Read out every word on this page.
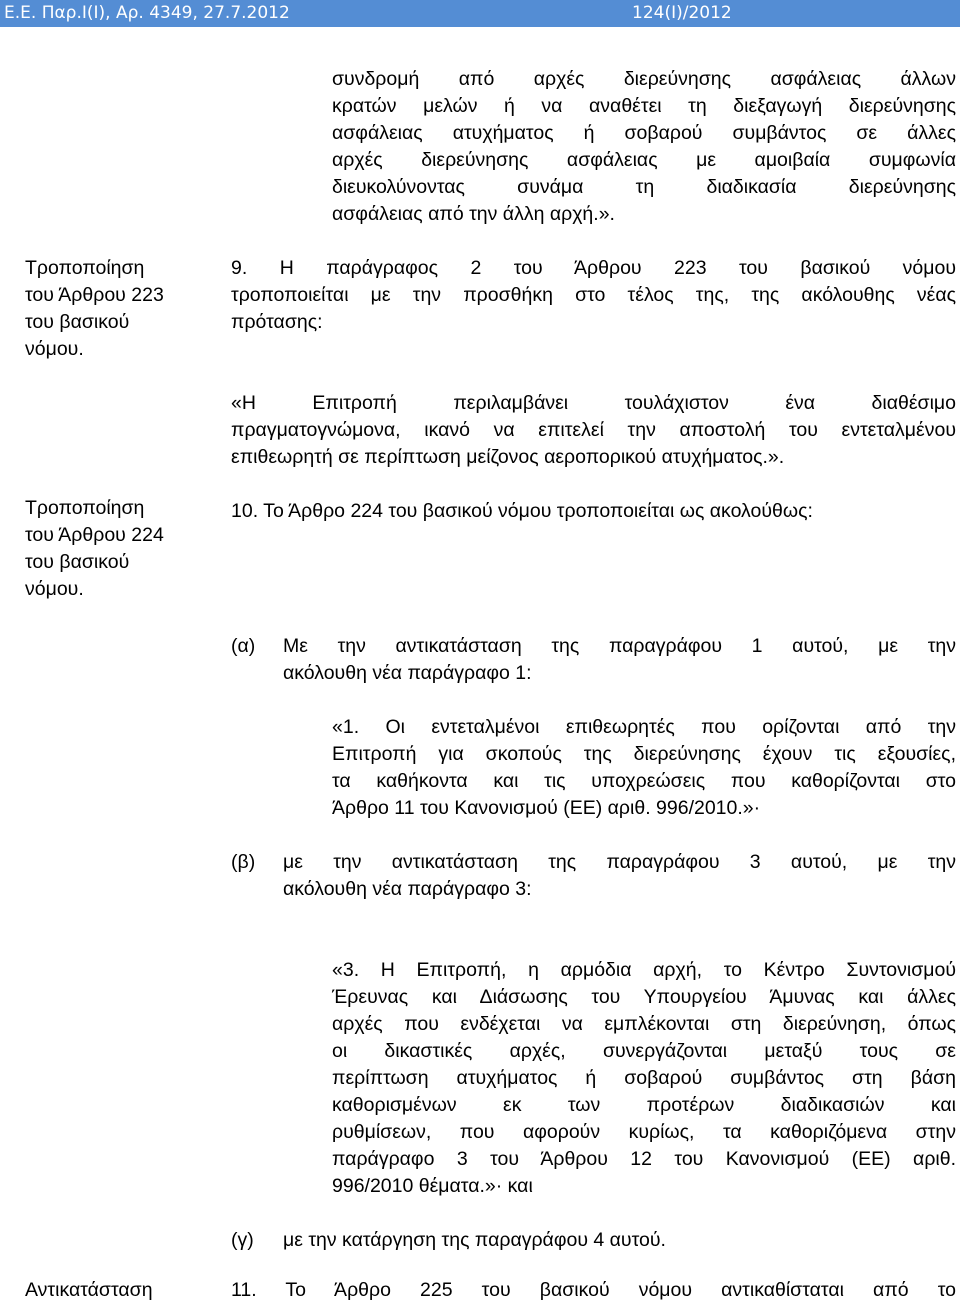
Ε.Ε. Παρ.Ι(Ι), Αρ. 4349, 27.7.2012	124(Ι)/2012
Τροποποίηση
του Άρθρου 223
του βασικού
νόμου.
Τροποποίηση
του Άρθρου 224
του βασικού
νόμου.
Αντικατάσταση
συνδρομή από αρχές διερεύνησης ασφάλειας άλλων
κρατών μελών ή να αναθέτει τη διεξαγωγή διερεύνησης
ασφάλειας ατυχήματος ή σοβαρού συμβάντος σε άλλες
αρχές διερεύνησης ασφάλειας με αμοιβαία συμφωνία
διευκολύνοντας συνάμα τη διαδικασία διερεύνησης
ασφάλειας από την άλλη αρχή.».
9. Η παράγραφος 2 του Άρθρου 223 του βασικού νόμου
τροποποιείται με την προσθήκη στο τέλος της, της ακόλουθης νέας
πρότασης:
«Η Επιτροπή περιλαμβάνει τουλάχιστον ένα διαθέσιμο
πραγματογνώμονα, ικανό να επιτελεί την αποστολή του εντεταλμένου
επιθεωρητή σε περίπτωση μείζονος αεροπορικού ατυχήματος.».
10. Το Άρθρο 224 του βασικού νόμου τροποποιείται ως ακολούθως:
(α) Με την αντικατάσταση της παραγράφου 1 αυτού, με την
ακόλουθη νέα παράγραφο 1:
«1. Οι εντεταλμένοι επιθεωρητές που ορίζονται από την
Επιτροπή για σκοπούς της διερεύνησης έχουν τις εξουσίες,
τα καθήκοντα και τις υποχρεώσεις που καθορίζονται στο
Άρθρο 11 του Κανονισμού (ΕΕ) αριθ. 996/2010.»·
(β) με την αντικατάσταση της παραγράφου 3 αυτού, με την
ακόλουθη νέα παράγραφο 3:
«3. Η Επιτροπή, η αρμόδια αρχή, το Κέντρο Συντονισμού
Έρευνας και Διάσωσης του Υπουργείου Άμυνας και άλλες
αρχές που ενδέχεται να εμπλέκονται στη διερεύνηση, όπως
οι δικαστικές αρχές, συνεργάζονται μεταξύ τους σε
περίπτωση ατυχήματος ή σοβαρού συμβάντος στη βάση
καθορισμένων εκ των προτέρων διαδικασιών και
ρυθμίσεων, που αφορούν κυρίως, τα καθοριζόμενα στην
παράγραφο 3 του Άρθρου 12 του Κανονισμού (ΕΕ) αριθ.
996/2010 θέματα.»· και
(γ) με την κατάργηση της παραγράφου 4 αυτού.
11. Το Άρθρο 225 του βασικού νόμου αντικαθίσταται από το
